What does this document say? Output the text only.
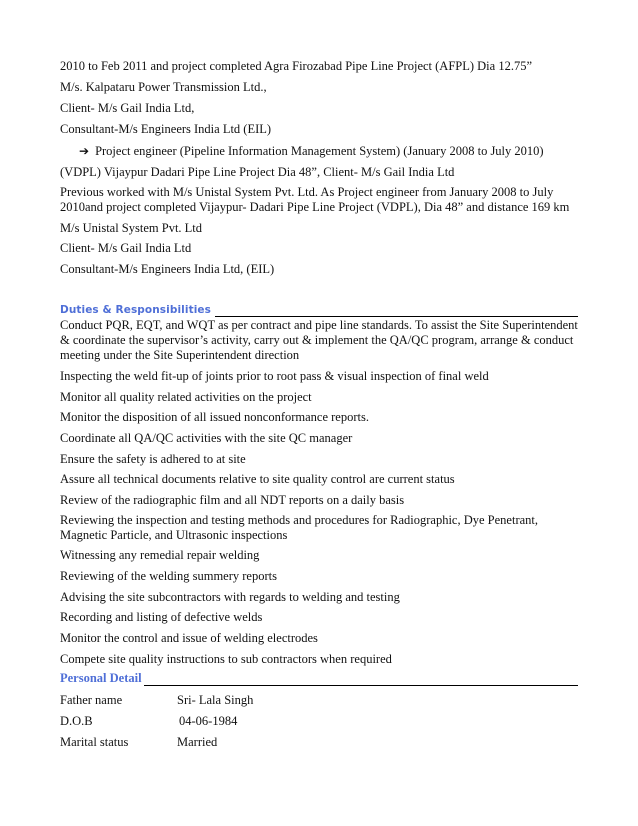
2010 to Feb 2011 and project completed Agra Firozabad Pipe Line Project (AFPL) Dia 12.75”
M/s. Kalpataru Power Transmission Ltd.,
Client- M/s Gail India Ltd,
Consultant-M/s Engineers India Ltd (EIL)
➔ Project engineer (Pipeline Information Management System) (January 2008 to July 2010)
(VDPL) Vijaypur Dadari Pipe Line Project Dia 48”, Client- M/s Gail India Ltd
Previous worked with M/s Unistal System Pvt. Ltd. As Project engineer from January 2008 to July 2010and project completed Vijaypur- Dadari Pipe Line Project (VDPL), Dia 48” and distance 169 km
M/s Unistal System Pvt. Ltd
Client- M/s Gail India Ltd
Consultant-M/s Engineers India Ltd, (EIL)
Duties & Responsibilities
Conduct PQR, EQT, and WQT as per contract and pipe line standards. To assist the Site Superintendent & coordinate the supervisor’s activity, carry out & implement the QA/QC program, arrange & conduct meeting under the Site Superintendent direction
Inspecting the weld fit-up of joints prior to root pass & visual inspection of final weld
Monitor all quality related activities on the project
Monitor the disposition of all issued nonconformance reports.
Coordinate all QA/QC activities with the site QC manager
Ensure the safety is adhered to at site
Assure all technical documents relative to site quality control are current status
Review of the radiographic film and all NDT reports on a daily basis
Reviewing the inspection and testing methods and procedures for Radiographic, Dye Penetrant, Magnetic Particle, and Ultrasonic inspections
Witnessing any remedial repair welding
Reviewing of the welding summery reports
Advising the site subcontractors with regards to welding and testing
Recording and listing of defective welds
Monitor the control and issue of welding electrodes
Compete site quality instructions to sub contractors when required
Personal Detail
Father name	Sri- Lala Singh
D.O.B	04-06-1984
Marital status	Married
